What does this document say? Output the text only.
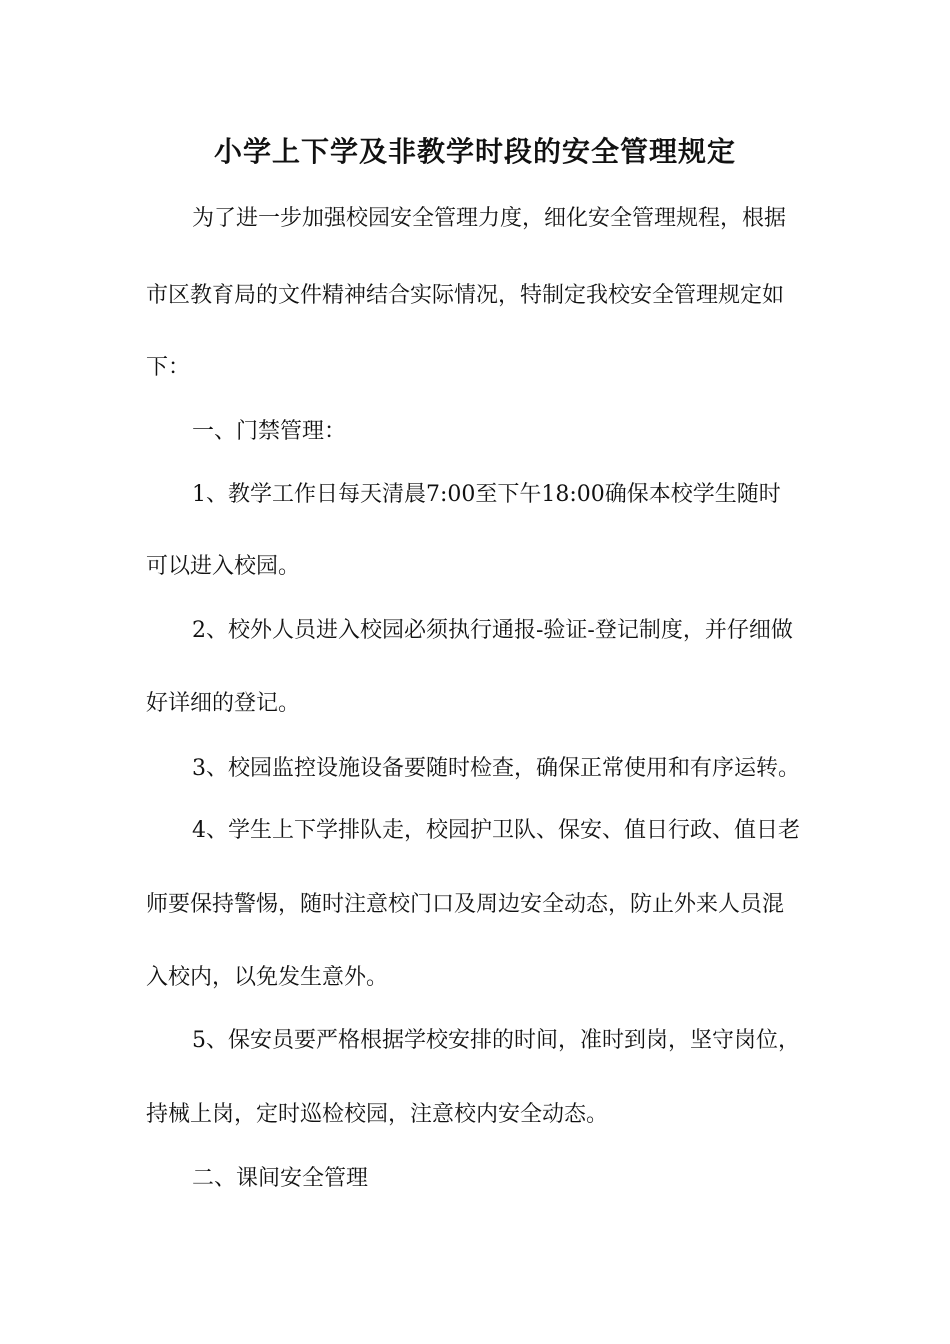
小学上下学及非教学时段的安全管理规定
为了进一步加强校园安全管理力度，细化安全管理规程，根据
市区教育局的文件精神结合实际情况，特制定我校安全管理规定如
下：
一、门禁管理：
1、教学工作日每天清晨7:00至下午18:00确保本校学生随时
可以进入校园。
2、校外人员进入校园必须执行通报-验证-登记制度，并仔细做
好详细的登记。
3、校园监控设施设备要随时检查，确保正常使用和有序运转。
4、学生上下学排队走，校园护卫队、保安、值日行政、值日老
师要保持警惕，随时注意校门口及周边安全动态，防止外来人员混
入校内，以免发生意外。
5、保安员要严格根据学校安排的时间，准时到岗，坚守岗位，
持械上岗，定时巡检校园，注意校内安全动态。
二、课间安全管理
